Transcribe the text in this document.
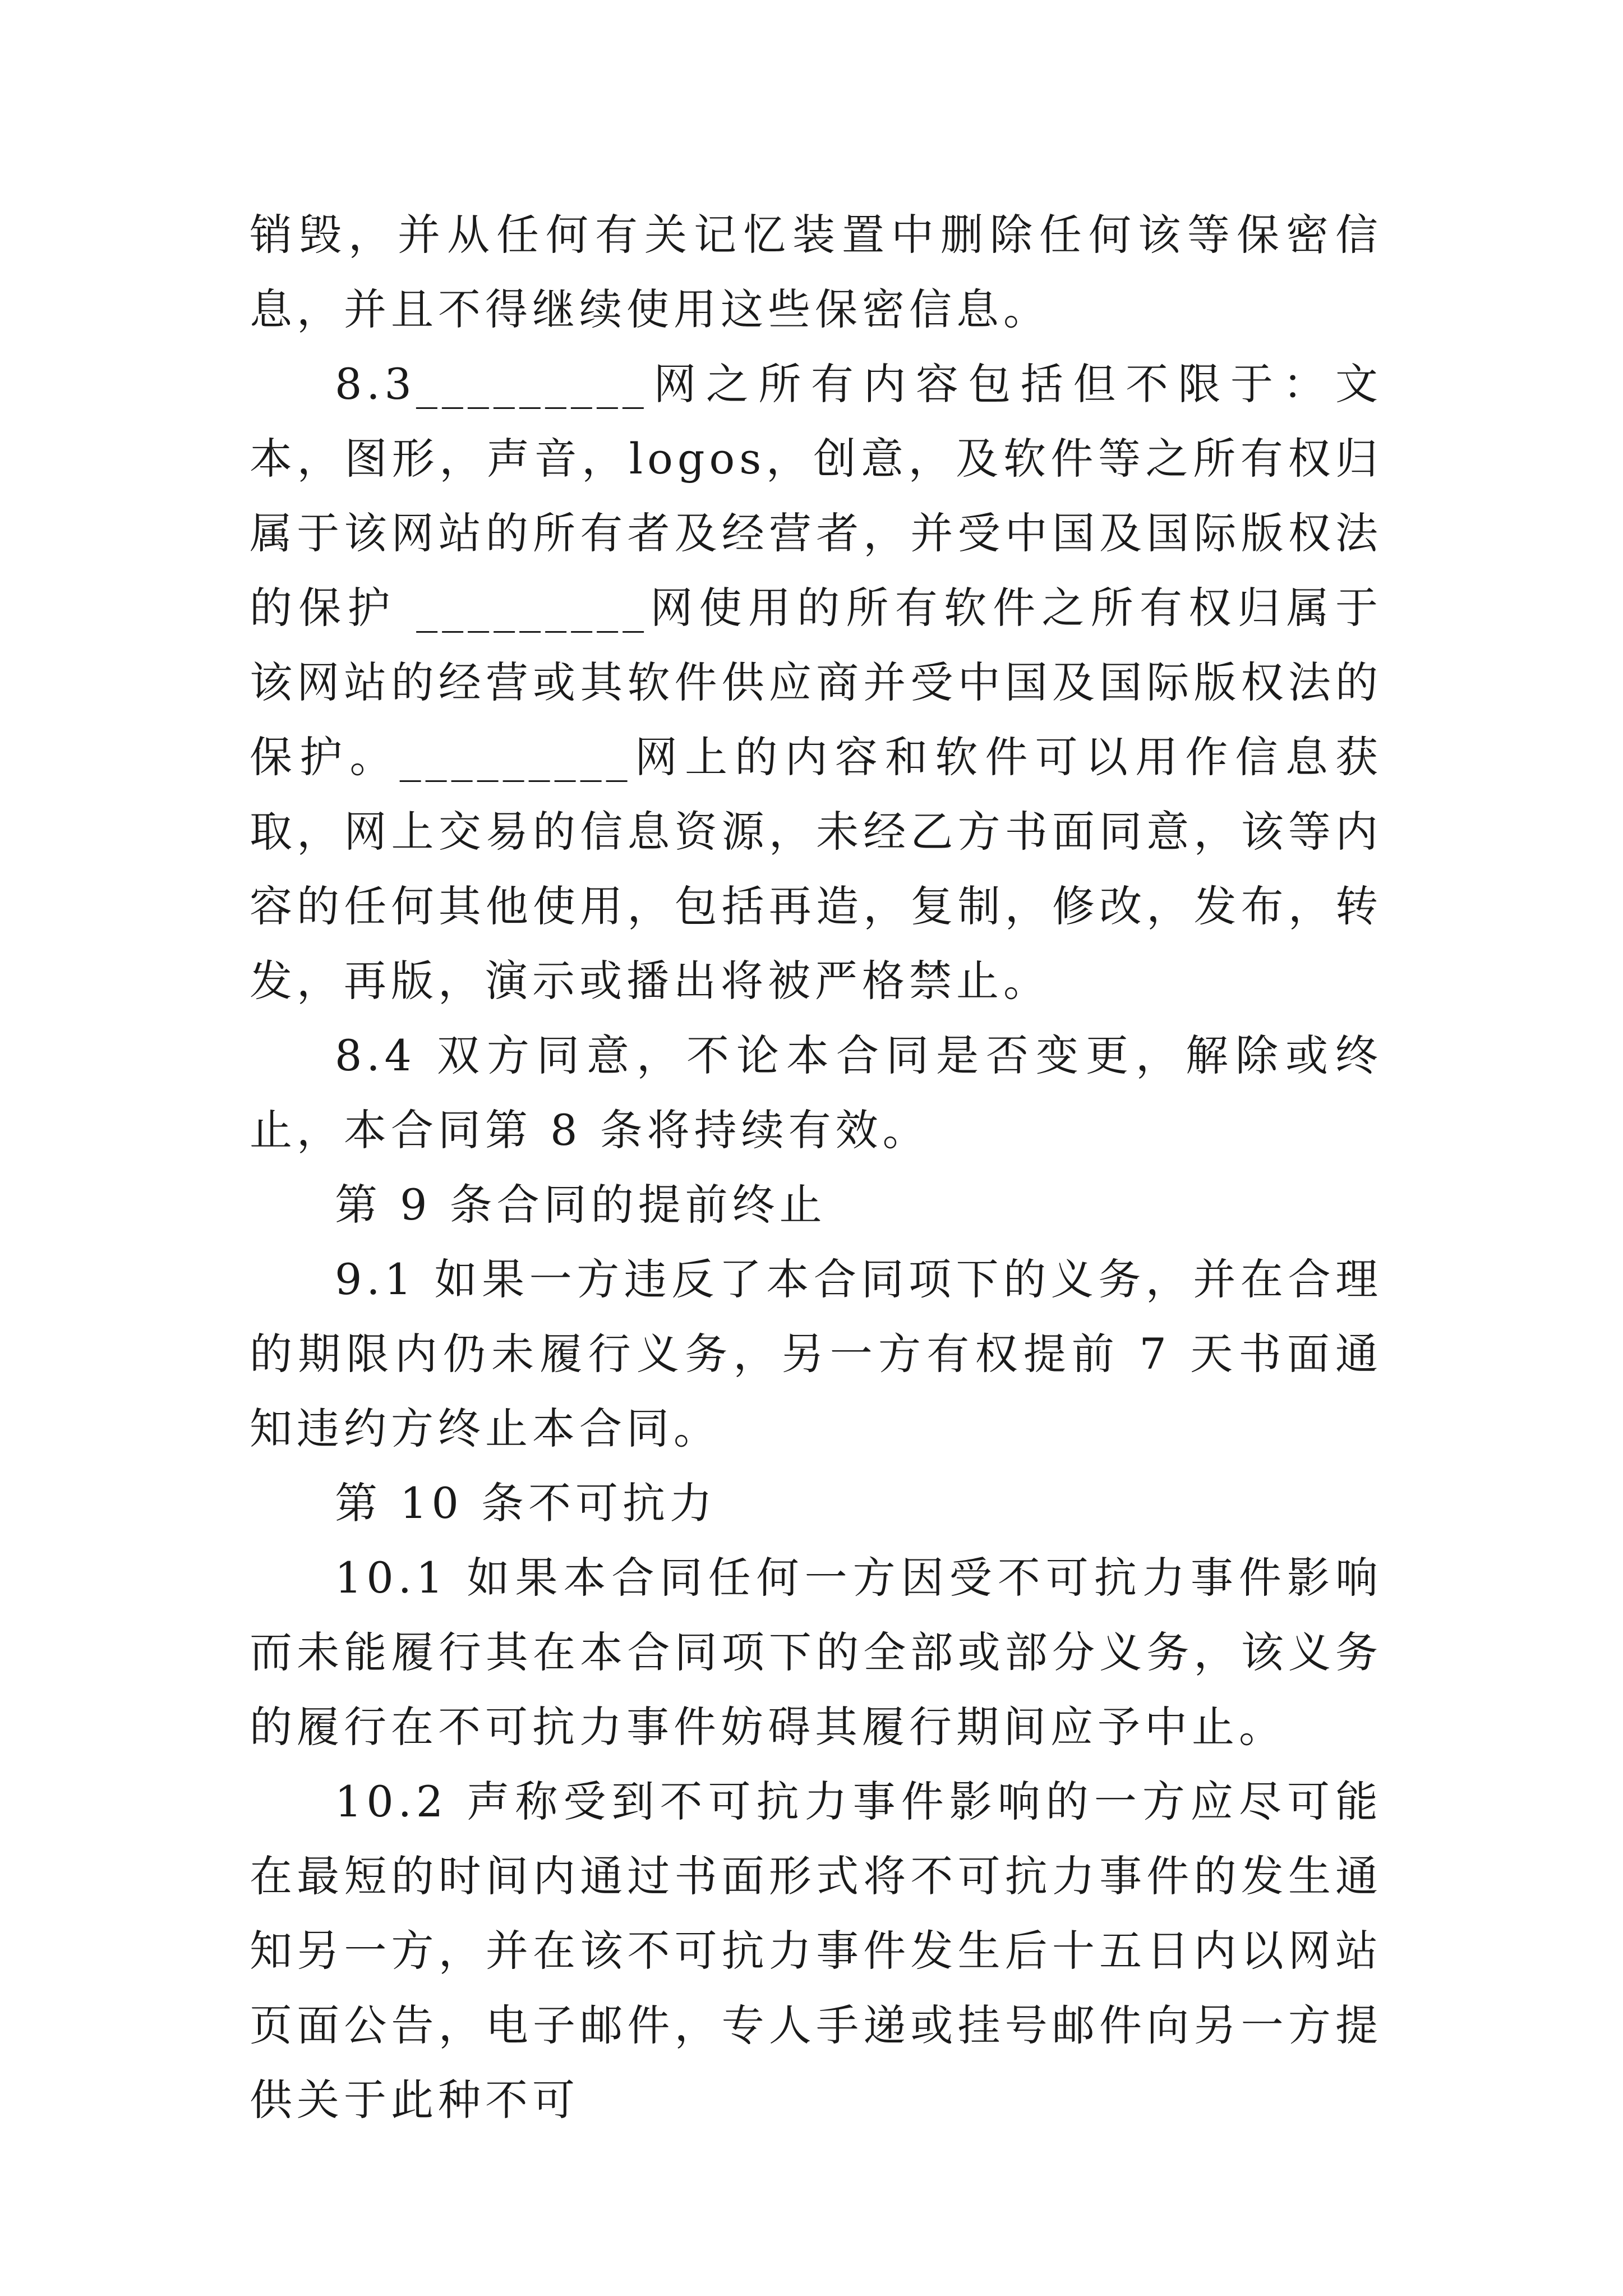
销毁，并从任何有关记忆装置中删除任何该等保密信息，并且不得继续使用这些保密信息。

8.3_________网之所有内容包括但不限于：文本，图形，声音，logos，创意，及软件等之所有权归属于该网站的所有者及经营者，并受中国及国际版权法的保护 _________网使用的所有软件之所有权归属于该网站的经营或其软件供应商并受中国及国际版权法的保护。_________网上的内容和软件可以用作信息获取，网上交易的信息资源，未经乙方书面同意，该等内容的任何其他使用，包括再造，复制，修改，发布，转发，再版，演示或播出将被严格禁止。

8.4 双方同意，不论本合同是否变更，解除或终止，本合同第 8 条将持续有效。

第 9 条合同的提前终止

9.1 如果一方违反了本合同项下的义务，并在合理的期限内仍未履行义务，另一方有权提前 7 天书面通知违约方终止本合同。

第 10 条不可抗力

10.1 如果本合同任何一方因受不可抗力事件影响而未能履行其在本合同项下的全部或部分义务，该义务的履行在不可抗力事件妨碍其履行期间应予中止。

10.2 声称受到不可抗力事件影响的一方应尽可能在最短的时间内通过书面形式将不可抗力事件的发生通知另一方，并在该不可抗力事件发生后十五日内以网站页面公告，电子邮件，专人手递或挂号邮件向另一方提供关于此种不可
